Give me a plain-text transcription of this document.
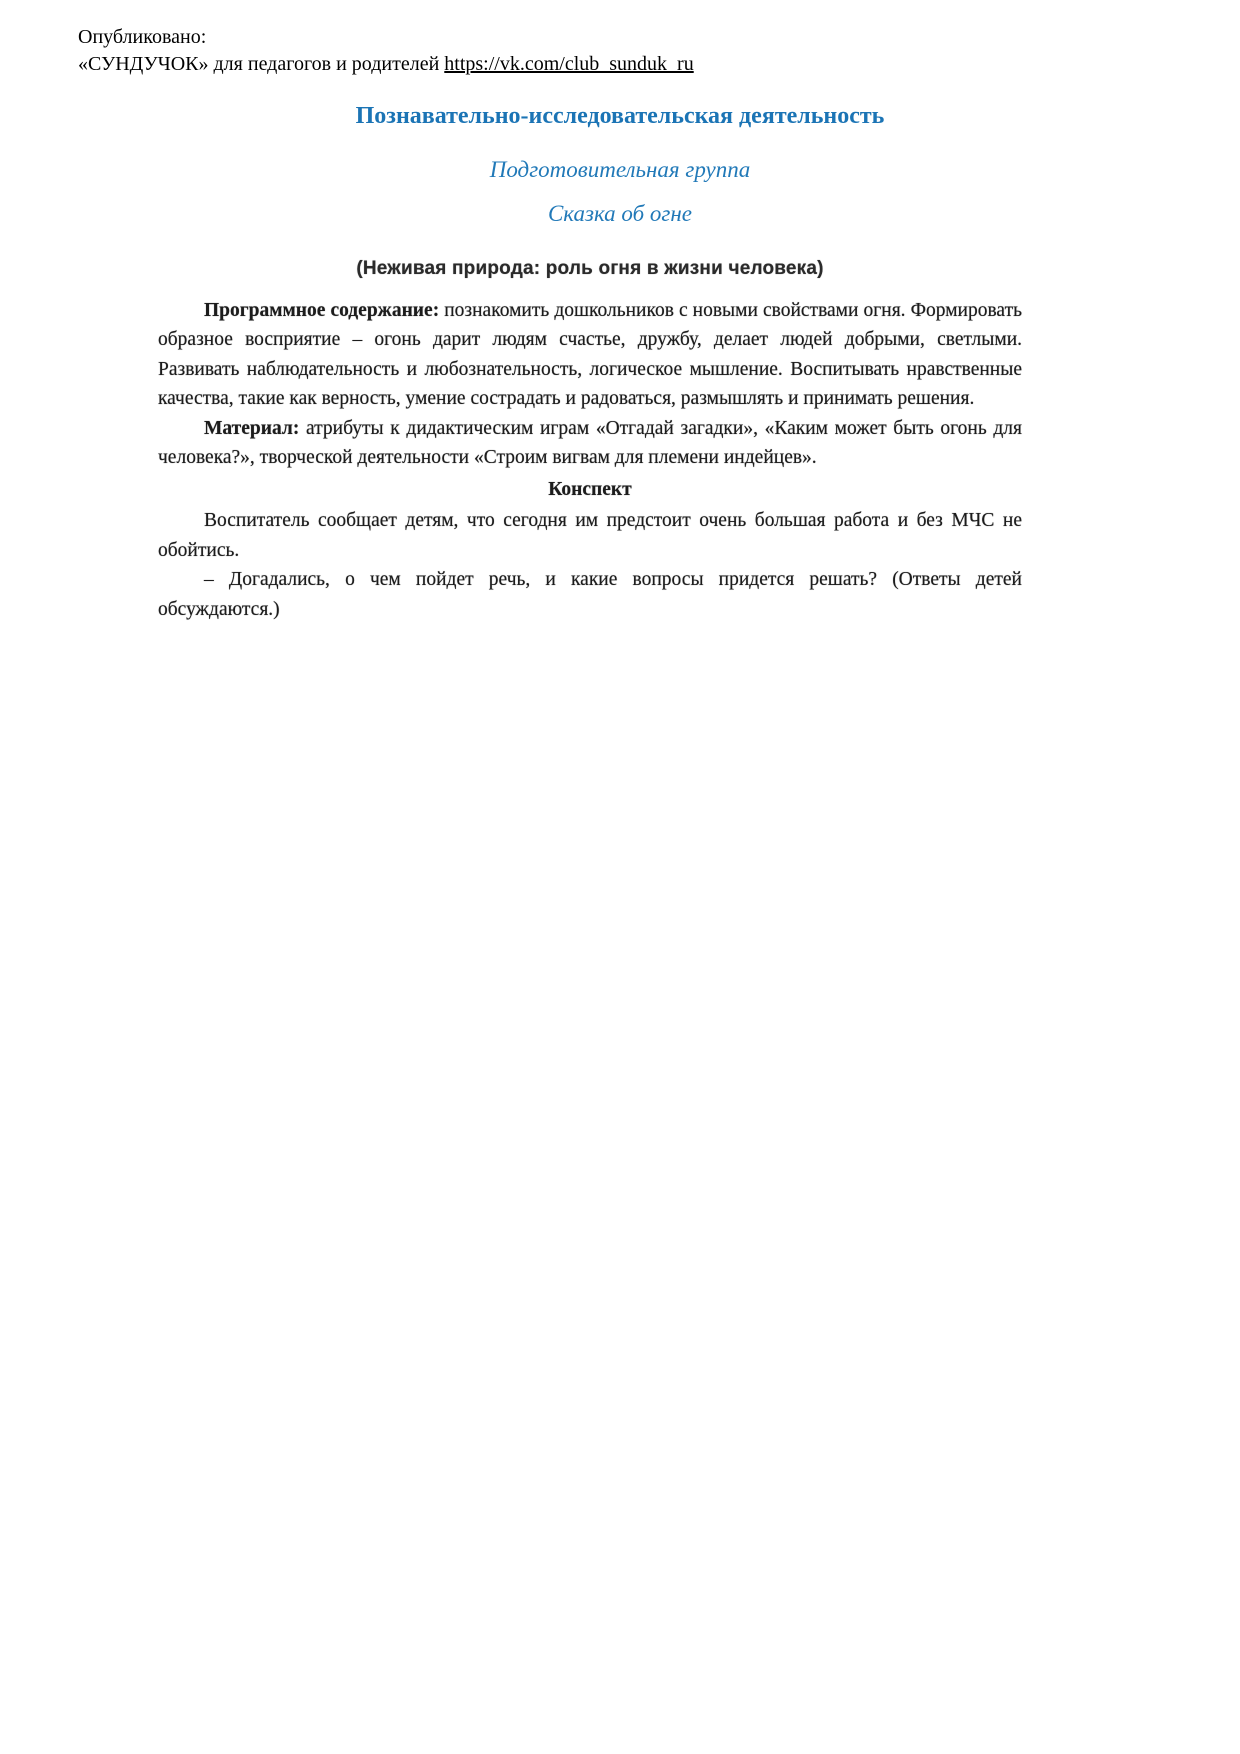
Опубликовано:
«СУНДУЧОК» для педагогов и родителей https://vk.com/club_sunduk_ru
Познавательно-исследовательская деятельность
Подготовительная группа
Сказка об огне

(Неживая природа: роль огня в жизни человека)

Программное содержание: познакомить дошкольников с новыми свойствами огня. Формировать образное восприятие – огонь дарит людям счастье, дружбу, делает людей добрыми, светлыми. Развивать наблюдательность и любознательность, логическое мышление. Воспитывать нравственные качества, такие как верность, умение сострадать и радоваться, размышлять и принимать решения.

Материал: атрибуты к дидактическим играм «Отгадай загадки», «Каким может быть огонь для человека?», творческой деятельности «Строим вигвам для племени индейцев».

Конспект

Воспитатель сообщает детям, что сегодня им предстоит очень большая работа и без МЧС не обойтись.

– Догадались, о чем пойдет речь, и какие вопросы придется решать? (Ответы детей обсуждаются.)
